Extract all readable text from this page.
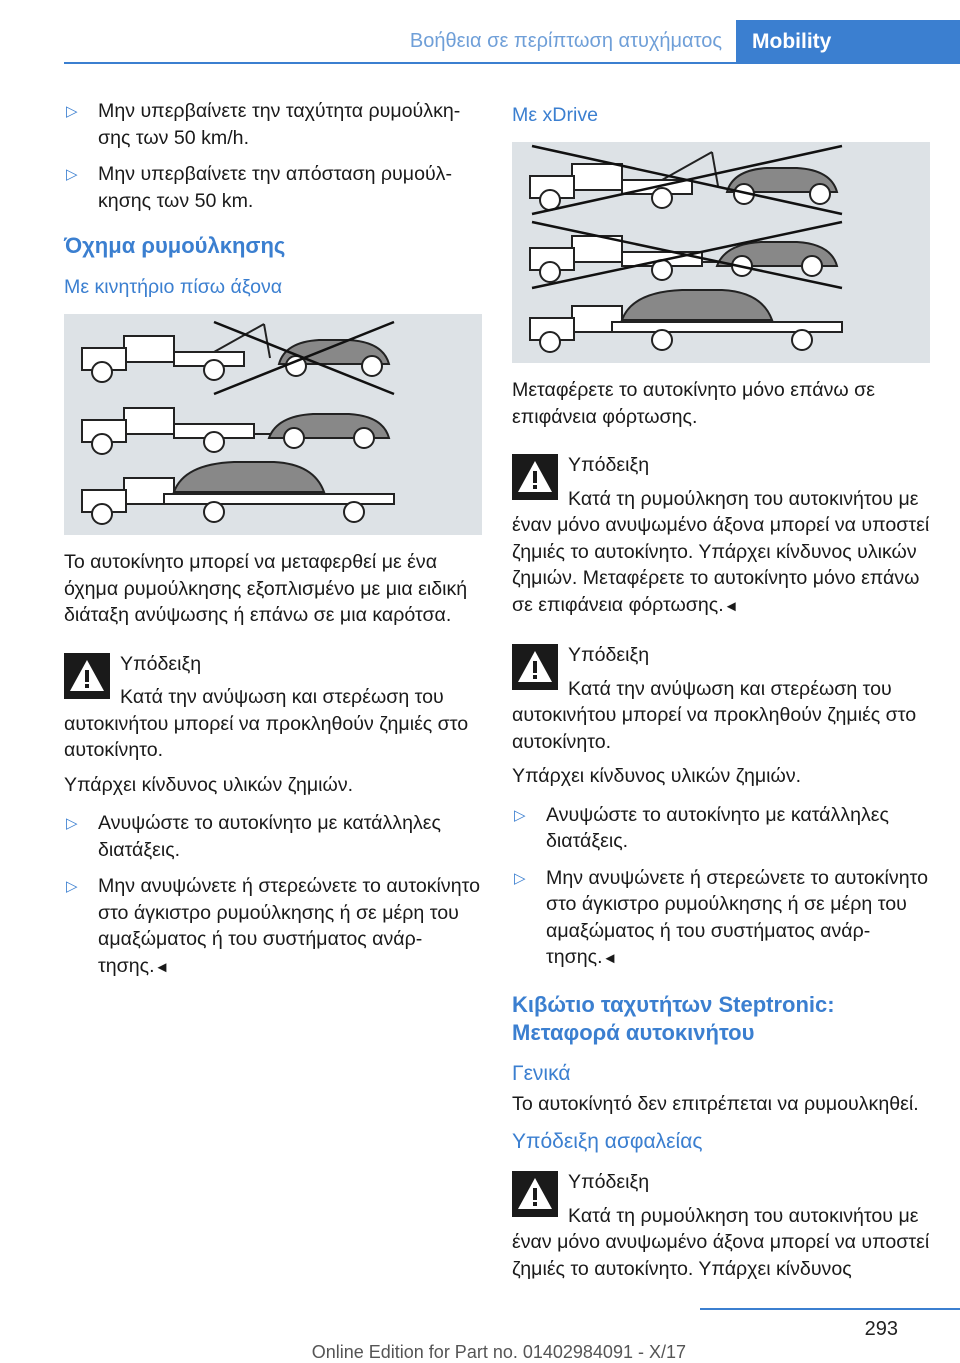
Βοήθεια σε περίπτωση ατυχήματος	Mobility
▷ Μην υπερβαίνετε την ταχύτητα ρυμούλκησης των 50 km/h.
▷ Μην υπερβαίνετε την απόσταση ρυμούλκησης των 50 km.
Όχημα ρυμούλκησης
Με κινητήριο πίσω άξονα

Το αυτοκίνητο μπορεί να μεταφερθεί με ένα όχημα ρυμούλκησης εξοπλισμένο με μια ειδική διάταξη ανύψωσης ή επάνω σε μια καρότσα.

Υπόδειξη
Κατά την ανύψωση και στερέωση του αυτοκινήτου μπορεί να προκληθούν ζημιές στο αυτοκίνητο.

Υπάρχει κίνδυνος υλικών ζημιών.

▷ Ανυψώστε το αυτοκίνητο με κατάλληλες διατάξεις.
▷ Μην ανυψώνετε ή στερεώνετε το αυτοκίνητο στο άγκιστρο ρυμούλκησης ή σε μέρη του αμαξώματος ή του συστήματος ανάρτησης.◄
Με xDrive

Μεταφέρετε το αυτοκίνητο μόνο επάνω σε επιφάνεια φόρτωσης.

Υπόδειξη
Κατά τη ρυμούλκηση του αυτοκινήτου με έναν μόνο ανυψωμένο άξονα μπορεί να υποστεί ζημιές το αυτοκίνητο. Υπάρχει κίνδυνος υλικών ζημιών. Μεταφέρετε το αυτοκίνητο μόνο επάνω σε επιφάνεια φόρτωσης.◄
Υπόδειξη
Κατά την ανύψωση και στερέωση του αυτοκινήτου μπορεί να προκληθούν ζημιές στο αυτοκίνητο.

Υπάρχει κίνδυνος υλικών ζημιών.

▷ Ανυψώστε το αυτοκίνητο με κατάλληλες διατάξεις.
▷ Μην ανυψώνετε ή στερεώνετε το αυτοκίνητο στο άγκιστρο ρυμούλκησης ή σε μέρη του αμαξώματος ή του συστήματος ανάρτησης.◄
Κιβώτιο ταχυτήτων Steptronic: Μεταφορά αυτοκινήτου
Γενικά

Το αυτοκίνητό δεν επιτρέπεται να ρυμουλκηθεί.

Υπόδειξη ασφαλείας
Υπόδειξη
Κατά τη ρυμούλκηση του αυτοκινήτου με έναν μόνο ανυψωμένο άξονα μπορεί να υποστεί ζημιές το αυτοκίνητο. Υπάρχει κίνδυνος
293
Online Edition for Part no. 01402984091 - X/17
